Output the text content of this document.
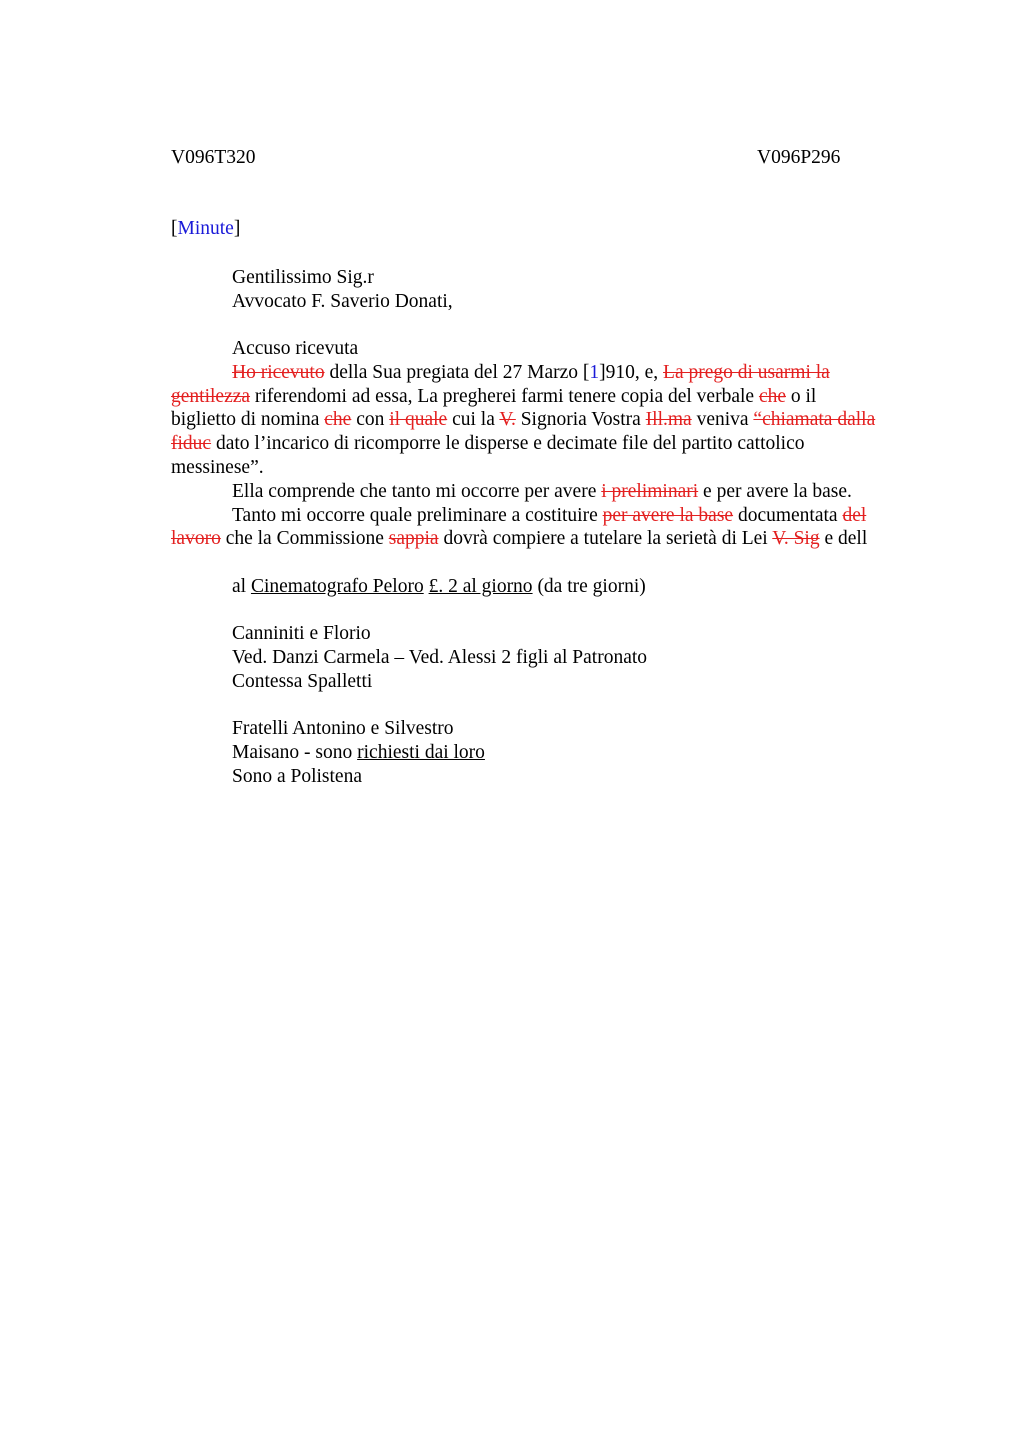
V096T320	V096P296
[Minute]
Gentilissimo Sig.r
Avvocato F. Saverio Donati,
Accuso ricevuta
Ho ricevuto della Sua pregiata del 27 Marzo [1]910, e, La prego di usarmi la
gentilezza riferendomi ad essa, La pregherei farmi tenere copia del verbale che o il
biglietto di nomina che con il quale cui la V. Signoria Vostra Ill.ma veniva “chiamata dalla
fiduc dato l’incarico di ricomporre le disperse e decimate file del partito cattolico
messinese”.
Ella comprende che tanto mi occorre per avere i preliminari e per avere la base.
Tanto mi occorre quale preliminare a costituire per avere la base documentata del
lavoro che la Commissione sappia dovrà compiere a tutelare la serietà di Lei V. Sig e dell
al Cinematografo Peloro £. 2 al giorno (da tre giorni)
Canniniti e Florio
Ved. Danzi Carmela – Ved. Alessi 2 figli al Patronato
Contessa Spalletti
Fratelli Antonino e Silvestro
Maisano - sono richiesti dai loro
Sono a Polistena
